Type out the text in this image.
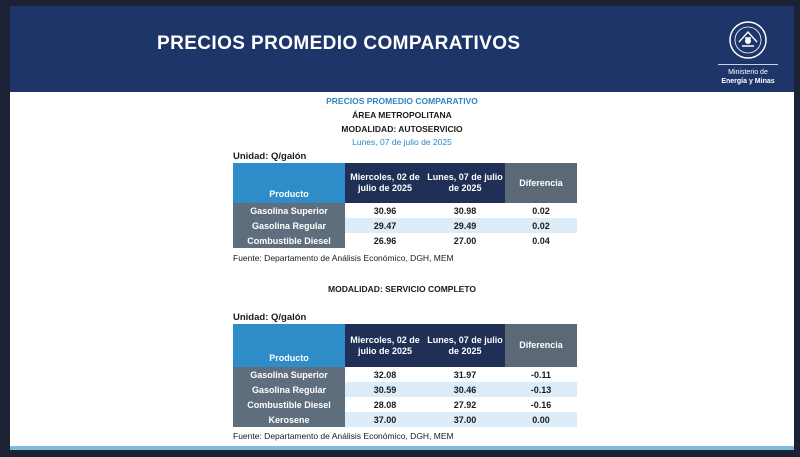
PRECIOS PROMEDIO COMPARATIVOS
Ministerio de
Energía y Minas
PRECIOS PROMEDIO COMPARATIVO
ÁREA METROPOLITANA
MODALIDAD: AUTOSERVICIO
Lunes, 07 de julio de 2025
Unidad: Q/galón
Producto	Miercoles, 02 de julio de 2025	Lunes, 07 de julio de 2025	Diferencia
Gasolina Superior	30.96	30.98	0.02
Gasolina Regular	29.47	29.49	0.02
Combustible Diesel	26.96	27.00	0.04
Fuente: Departamento de Análisis Económico, DGH, MEM
MODALIDAD: SERVICIO COMPLETO
Unidad: Q/galón
Producto	Miercoles, 02 de julio de 2025	Lunes, 07 de julio de 2025	Diferencia
Gasolina Superior	32.08	31.97	-0.11
Gasolina Regular	30.59	30.46	-0.13
Combustible Diesel	28.08	27.92	-0.16
Kerosene	37.00	37.00	0.00
Fuente: Departamento de Análisis Económico, DGH, MEM
